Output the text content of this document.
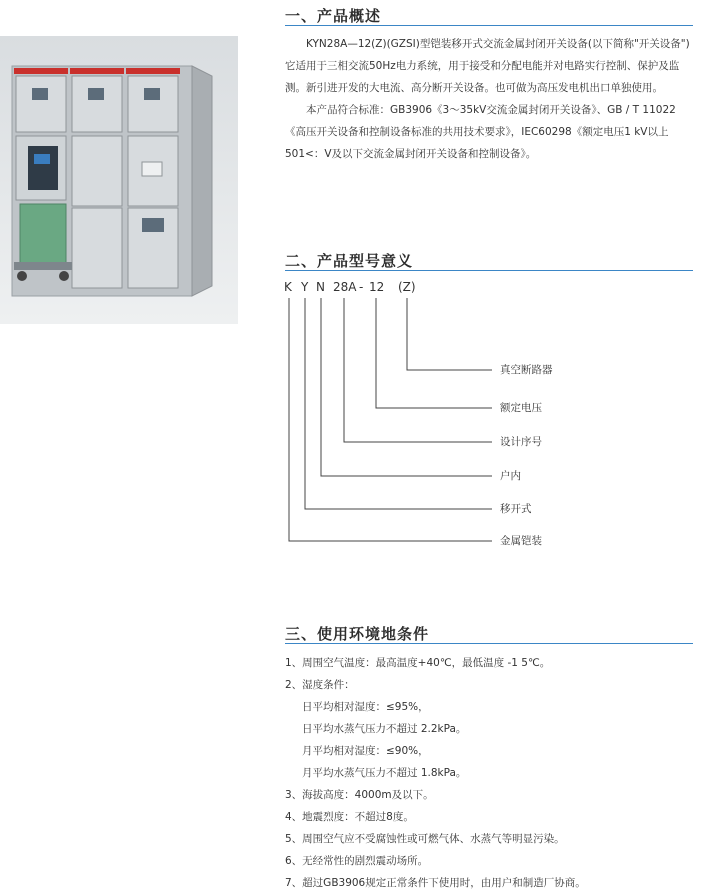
一、产品概述

KYN28A—12(Z)(GZSI)型铠装移开式交流金属封闭开关设备(以下简称"开关设备")它适用于三相交流50Hz电力系统，用于接受和分配电能并对电路实行控制、保护及监测。新引进开发的大电流、高分断开关设备。也可做为高压发电机出口单独使用。

本产品符合标准：GB3906《3～35kV交流金属封闭开关设备》、GB / T 11022《高压开关设备和控制设备标准的共用技术要求》，IEC60298《额定电压1 kV以上501<：V及以下交流金属封闭开关设备和控制设备》。

二、产品型号意义
K Y N 28A - 12 (Z)
真空断路器
额定电压
设计序号
户内
移开式
金属铠装
三、使用环境地条件
1、周围空气温度：最高温度+40℃，最低温度 -1 5℃。
2、湿度条件：
日平均相对湿度：≤95%，
日平均水蒸气压力不超过 2.2kPa。
月平均相对湿度：≤90%，
月平均水蒸气压力不超过 1.8kPa。
3、海拔高度：4000m及以下。
4、地震烈度：不超过8度。
5、周围空气应不受腐蚀性或可燃气体、水蒸气等明显污染。
6、无经常性的剧烈震动场所。
7、超过GB3906规定正常条件下使用时，由用户和制造厂协商。
